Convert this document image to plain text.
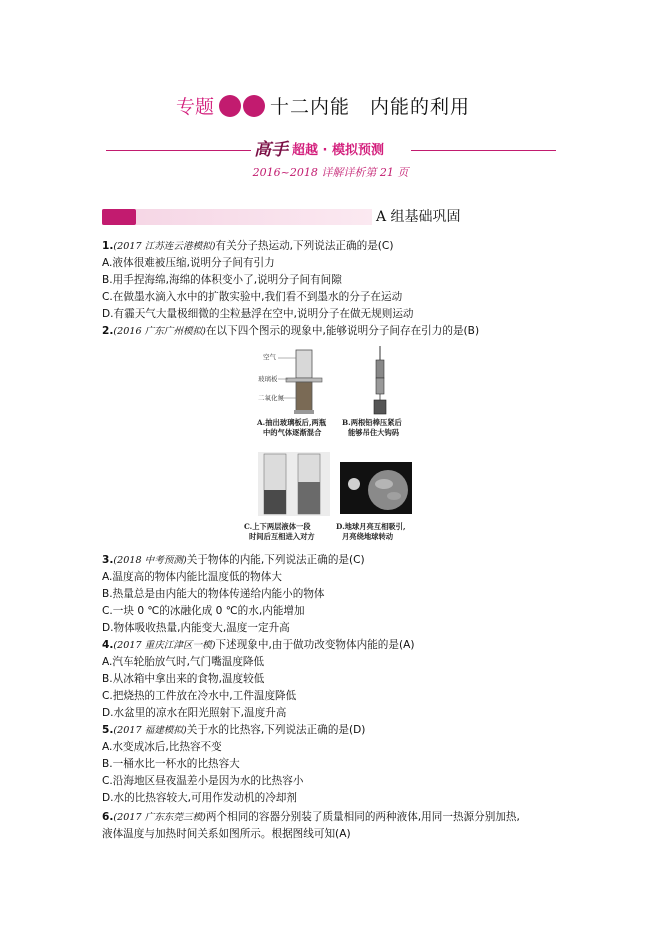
专题	十二内能　内能的利用
高手 超越 · 模拟预测
2016~2018 详解详析第 21 页
A 组基础巩固
1.(2017 江苏连云港模拟)有关分子热运动,下列说法正确的是(C)
A.液体很难被压缩,说明分子间有引力
B.用手捏海绵,海绵的体积变小了,说明分子间有间隙
C.在做墨水滴入水中的扩散实验中,我们看不到墨水的分子在运动
D.有霾天气大量极细微的尘粒悬浮在空中,说明分子在做无规则运动
2.(2016 广东广州模拟)在以下四个图示的现象中,能够说明分子间存在引力的是(B)
空气
玻璃板
二氧化氮
A.抽出玻璃板后,两瓶
中的气体逐渐混合
B.两根铅棒压紧后
能够吊住大钩码
C.上下两层液体一段
时间后互相进入对方
D.地球月亮互相吸引,
月亮绕地球转动
3.(2018 中考预测)关于物体的内能,下列说法正确的是(C)
A.温度高的物体内能比温度低的物体大
B.热量总是由内能大的物体传递给内能小的物体
C.一块 0 ℃的冰融化成 0 ℃的水,内能增加
D.物体吸收热量,内能变大,温度一定升高
4.(2017 重庆江津区一模)下述现象中,由于做功改变物体内能的是(A)
A.汽车轮胎放气时,气门嘴温度降低
B.从冰箱中拿出来的食物,温度较低
C.把烧热的工件放在冷水中,工件温度降低
D.水盆里的凉水在阳光照射下,温度升高
5.(2017 福建模拟)关于水的比热容,下列说法正确的是(D)
A.水变成冰后,比热容不变
B.一桶水比一杯水的比热容大
C.沿海地区昼夜温差小是因为水的比热容小
D.水的比热容较大,可用作发动机的冷却剂
6.(2017 广东东莞三模)两个相同的容器分别装了质量相同的两种液体,用同一热源分别加热,
液体温度与加热时间关系如图所示。根据图线可知(A)
